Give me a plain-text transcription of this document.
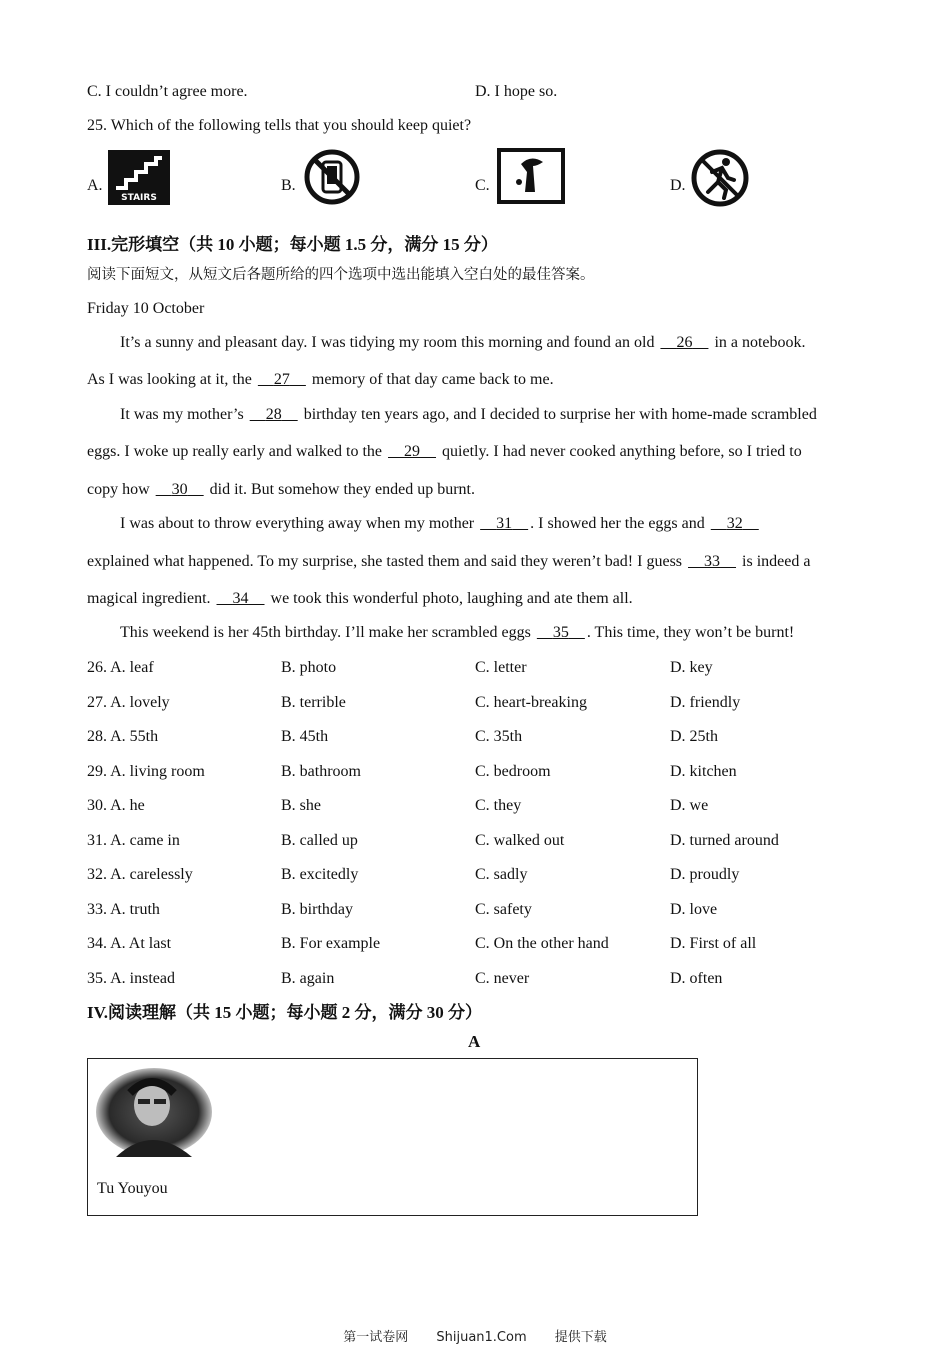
C. I couldn’t agree more.	D. I hope so.
25. Which of the following tells that you should keep quiet?
A.
STAIRS
B.	C.	D.
III.完形填空（共 10 小题；每小题 1.5 分，满分 15 分）
阅读下面短文，从短文后各题所给的四个选项中选出能填入空白处的最佳答案。
Friday 10 October
It’s a sunny and pleasant day. I was tidying my room this morning and found an old     26     in a notebook.
As I was looking at it, the     27     memory of that day came back to me.
It was my mother’s     28     birthday ten years ago, and I decided to surprise her with home-made scrambled
eggs. I woke up really early and walked to the     29     quietly. I had never cooked anything before, so I tried to
copy how     30     did it. But somehow they ended up burnt.
I was about to throw everything away when my mother     31 . I showed her the eggs and     32
explained what happened. To my surprise, she tasted them and said they weren’t bad! I guess     33     is indeed a
magical ingredient.     34     we took this wonderful photo, laughing and ate them all.
This weekend is her 45th birthday. I’ll make her scrambled eggs     35 . This time, they won’t be burnt!
26. A. leaf	B. photo	C. letter	D. key
27. A. lovely	B. terrible	C. heart-breaking	D. friendly
28. A. 55th	B. 45th	C. 35th	D. 25th
29. A. living room	B. bathroom	C. bedroom	D. kitchen
30. A. he	B. she	C. they	D. we
31. A. came in	B. called up	C. walked out	D. turned around
32. A. carelessly	B. excitedly	C. sadly	D. proudly
33. A. truth	B. birthday	C. safety	D. love
34. A. At last	B. For example	C. On the other hand	D. First of all
35. A. instead	B. again	C. never	D. often
IV.阅读理解（共 15 小题；每小题 2 分，满分 30 分）
A
Tu Youyou
第一试卷网 Shijuan1.Com 提供下载
